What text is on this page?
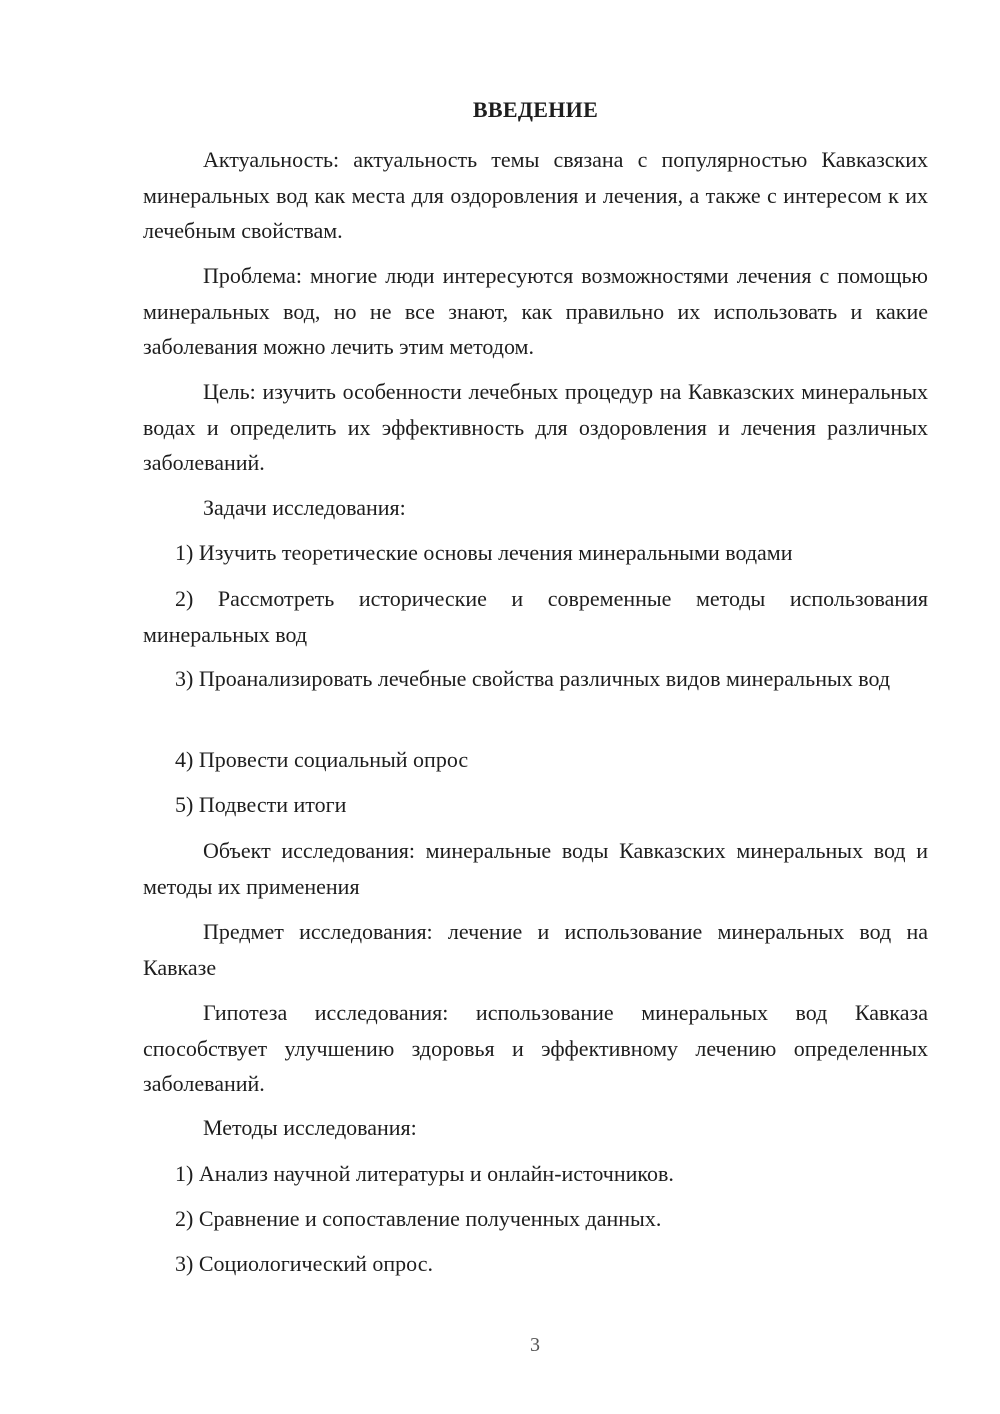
ВВЕДЕНИЕ

Актуальность: актуальность темы связана с популярностью Кавказских минеральных вод как места для оздоровления и лечения, а также с интересом к их лечебным свойствам.

Проблема: многие люди интересуются возможностями лечения с помощью минеральных вод, но не все знают, как правильно их использовать и какие заболевания можно лечить этим методом.

Цель: изучить особенности лечебных процедур на Кавказских минеральных водах и определить их эффективность для оздоровления и лечения различных заболеваний.

Задачи исследования:

1) Изучить теоретические основы лечения минеральными водами

2) Рассмотреть исторические и современные методы использования минеральных вод

3) Проанализировать лечебные свойства различных видов минеральных вод

4) Провести социальный опрос

5) Подвести итоги

Объект исследования: минеральные воды Кавказских минеральных вод и методы их применения

Предмет исследования: лечение и использование минеральных вод на Кавказе

Гипотеза исследования: использование минеральных вод Кавказа способствует улучшению здоровья и эффективному лечению определенных заболеваний.

Методы исследования:

1) Анализ научной литературы и онлайн-источников.

2) Сравнение и сопоставление полученных данных.

3) Социологический опрос.

3
